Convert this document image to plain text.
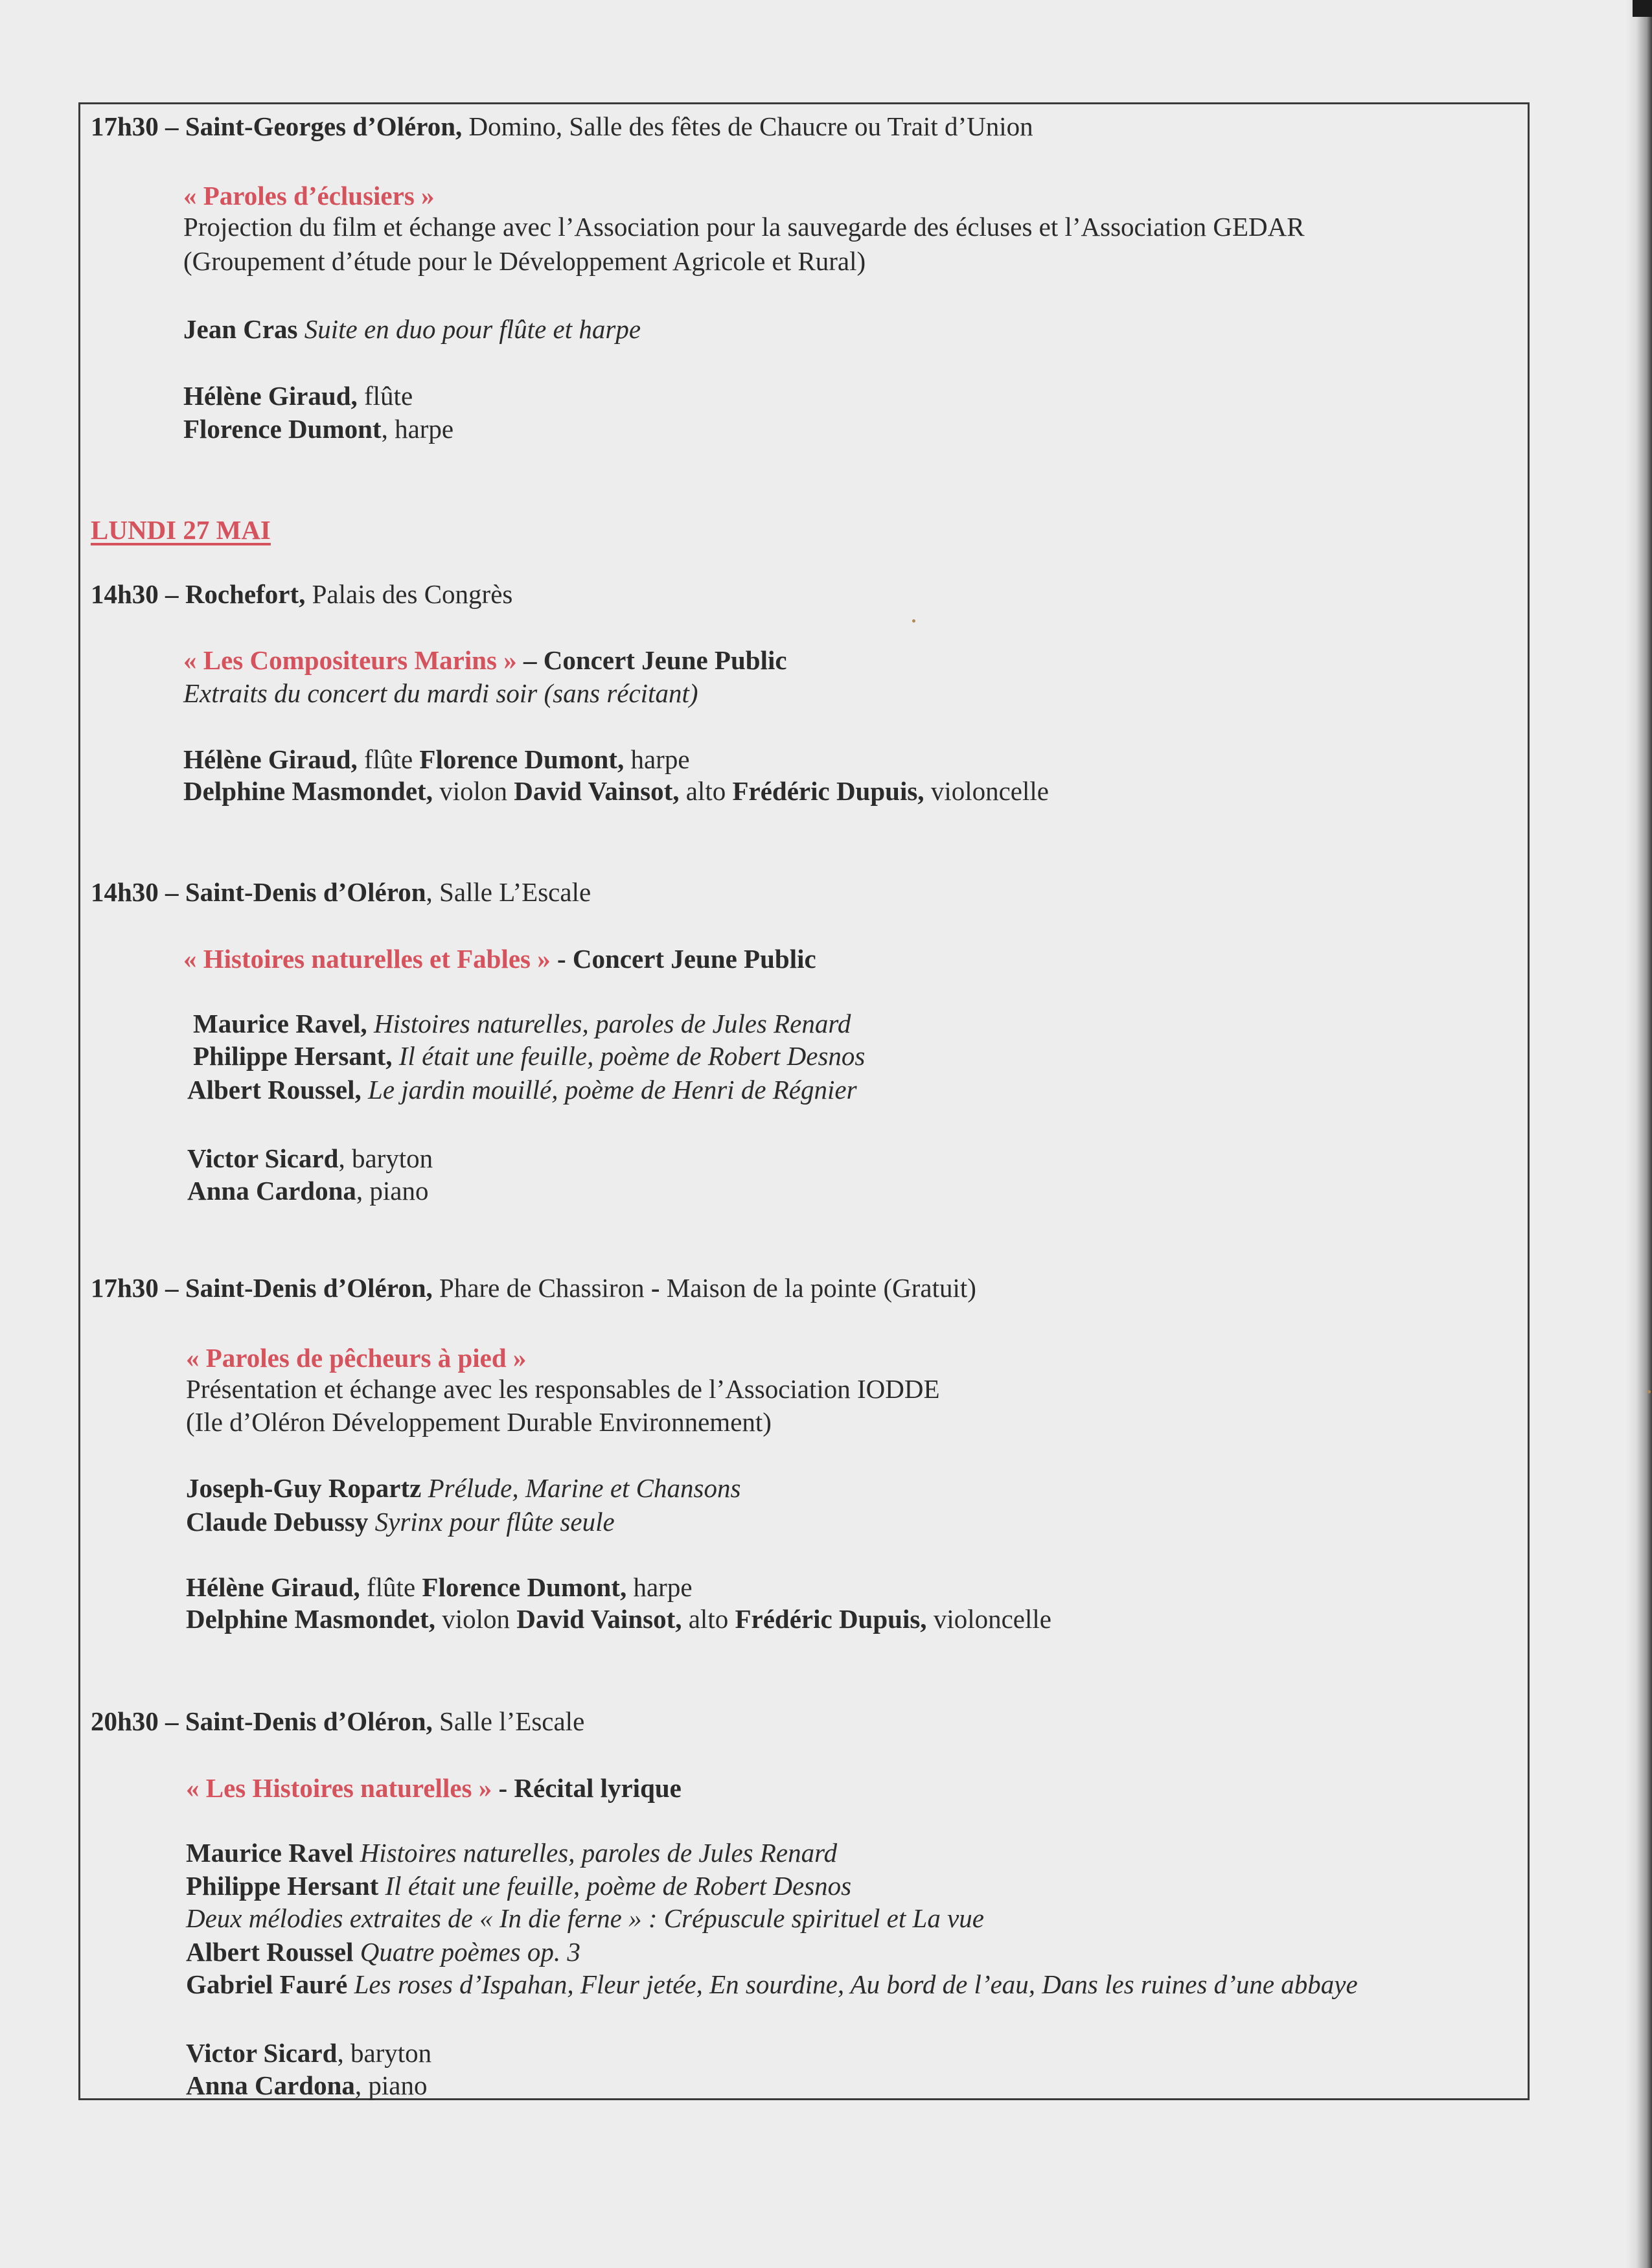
17h30 – Saint-Georges d’Oléron, Domino, Salle des fêtes de Chaucre ou Trait d’Union
« Paroles d’éclusiers »
Projection du film et échange avec l’Association pour la sauvegarde des écluses et l’Association GEDAR
(Groupement d’étude pour le Développement Agricole et Rural)
Jean Cras Suite en duo pour flûte et harpe
Hélène Giraud, flûte
Florence Dumont, harpe
LUNDI 27 MAI
14h30 – Rochefort, Palais des Congrès
« Les Compositeurs Marins » – Concert Jeune Public
Extraits du concert du mardi soir (sans récitant)
Hélène Giraud, flûte Florence Dumont, harpe
Delphine Masmondet, violon David Vainsot, alto Frédéric Dupuis, violoncelle
14h30 – Saint-Denis d’Oléron, Salle L’Escale
« Histoires naturelles et Fables » - Concert Jeune Public
Maurice Ravel, Histoires naturelles, paroles de Jules Renard
Philippe Hersant, Il était une feuille, poème de Robert Desnos
Albert Roussel, Le jardin mouillé, poème de Henri de Régnier
Victor Sicard, baryton
Anna Cardona, piano
17h30 – Saint-Denis d’Oléron, Phare de Chassiron - Maison de la pointe (Gratuit)
« Paroles de pêcheurs à pied »
Présentation et échange avec les responsables de l’Association IODDE
(Ile d’Oléron Développement Durable Environnement)
Joseph-Guy Ropartz Prélude, Marine et Chansons
Claude Debussy Syrinx pour flûte seule
Hélène Giraud, flûte Florence Dumont, harpe
Delphine Masmondet, violon David Vainsot, alto Frédéric Dupuis, violoncelle
20h30 – Saint-Denis d’Oléron, Salle l’Escale
« Les Histoires naturelles » - Récital lyrique
Maurice Ravel Histoires naturelles, paroles de Jules Renard
Philippe Hersant Il était une feuille, poème de Robert Desnos
Deux mélodies extraites de « In die ferne » : Crépuscule spirituel et La vue
Albert Roussel Quatre poèmes op. 3
Gabriel Fauré Les roses d’Ispahan, Fleur jetée, En sourdine, Au bord de l’eau, Dans les ruines d’une abbaye
Victor Sicard, baryton
Anna Cardona, piano
